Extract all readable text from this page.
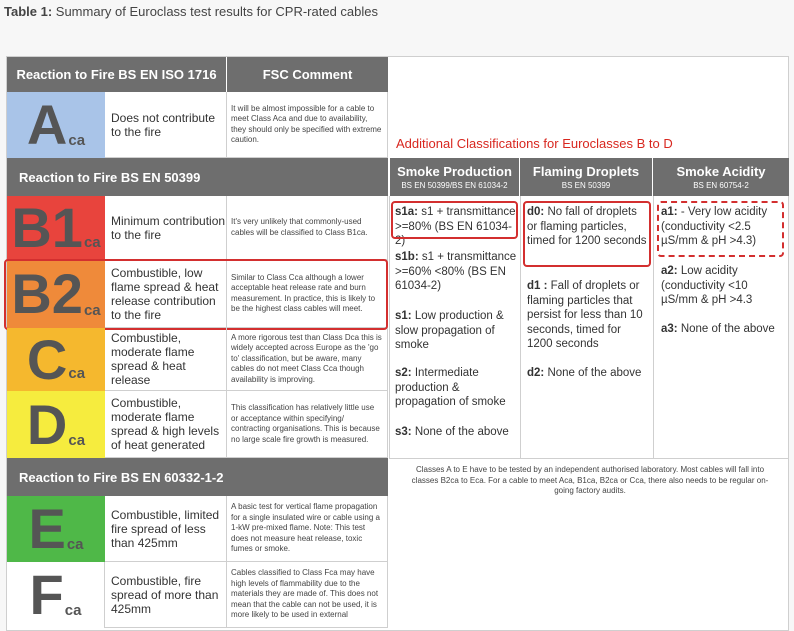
Table 1: Summary of Euroclass test results for CPR-rated cables
Reaction to Fire BS EN ISO 1716	FSC Comment
A ca
Does not contribute to the fire
It will be almost impossible for a cable to meet Class Aca and due to availability, they should only be specified with extreme caution.
Reaction to Fire BS EN 50399
B1 ca
Minimum contribution to the fire
It's very unlikely that commonly-used cables will be classified to Class B1ca.
B2 ca
Combustible, low flame spread & heat release contribution to the fire
Similar to Class Cca although a lower acceptable heat release rate and burn measurement. In practice, this is likely to be the highest class cables will meet.
C ca
Combustible, moderate flame spread & heat release
A more rigorous test than Class Dca this is widely accepted across Europe as the 'go to' classification, but be aware, many cables do not meet Class Cca though availability is improving.
D ca
Combustible, moderate flame spread & high levels of heat generated
This classification has relatively little use or acceptance within specifying/ contracting organisations. This is because no large scale fire growth is measured.
Reaction to Fire BS EN 60332-1-2
E ca
Combustible, limited fire spread of less than 425mm
A basic test for vertical flame propagation for a single insulated wire or cable using a 1-kW pre-mixed flame. Note: This test does not measure heat release, toxic fumes or smoke.
F ca
Combustible, fire spread of more than 425mm
Cables classified to Class Fca may have high levels of flammability due to the materials they are made of. This does not mean that the cable can not be used, it is more likely to be used in external
Additional Classifications for Euroclasses B to D
Smoke Production
BS EN 50399/BS EN 61034-2
Flaming Droplets
BS EN 50399
Smoke Acidity
BS EN 60754-2
s1a: s1 + transmittance >=80% (BS EN 61034-2)
s1b: s1 + transmittance >=60% <80% (BS EN 61034-2)
s1: Low production & slow propagation of smoke
s2: Intermediate production & propagation of smoke
s3: None of the above
d0: No fall of droplets or flaming particles, timed for 1200 seconds
d1 : Fall of droplets or flaming particles that persist for less than 10 seconds, timed for 1200 seconds
d2: None of the above
a1: - Very low acidity (conductivity <2.5 µS/mm & pH >4.3)
a2: Low acidity (conductivity <10 µS/mm & pH >4.3
a3: None of the above
Classes A to E have to be tested by an independent authorised laboratory. Most cables will fall into classes B2ca to Eca. For a cable to meet Aca, B1ca, B2ca or Cca, there also needs to be regular on-going factory audits.
